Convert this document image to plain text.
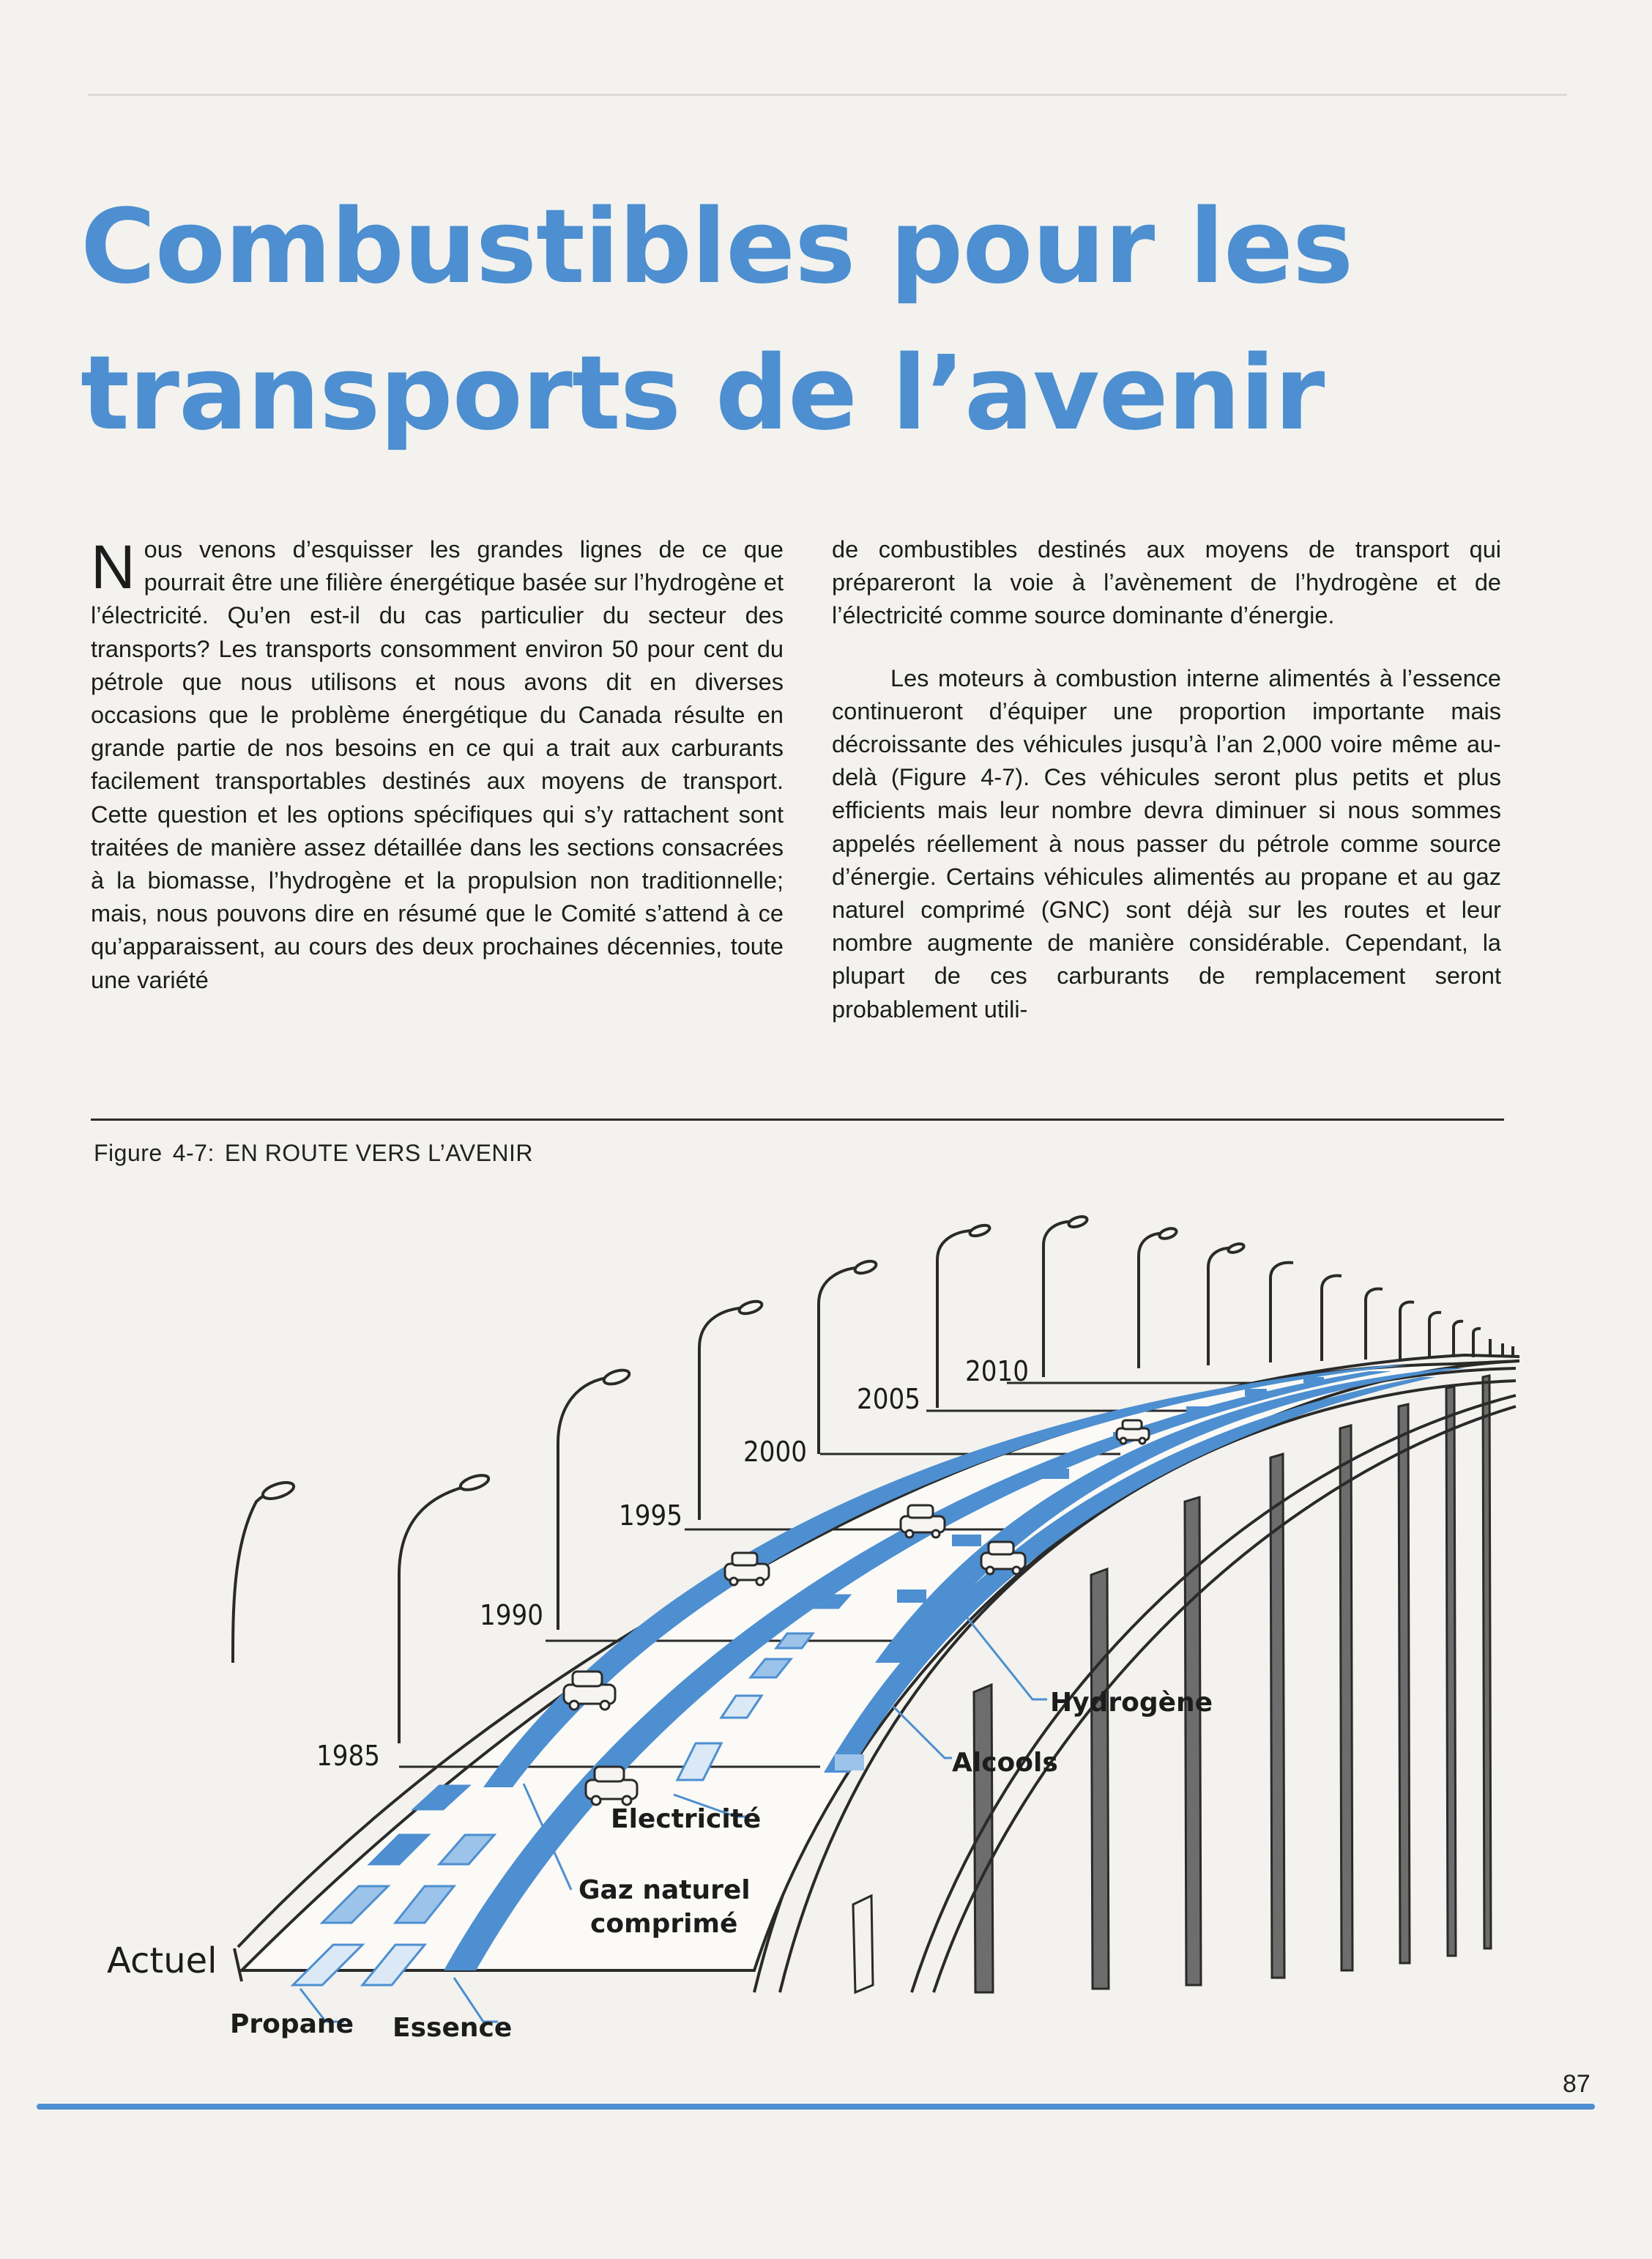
Combustibles pour les
transports de l’avenir
Nous venons d’esquisser les grandes lignes de ce que pourrait être une filière énergétique basée sur l’hydrogène et l’électricité. Qu’en est-il du cas particulier du secteur des transports? Les transports consomment environ 50 pour cent du pétrole que nous utilisons et nous avons dit en diverses occasions que le problème énergétique du Canada résulte en grande partie de nos besoins en ce qui a trait aux carburants facilement transportables destinés aux moyens de transport. Cette question et les options spécifiques qui s’y rattachent sont traitées de manière assez détaillée dans les sections consacrées à la biomasse, l’hydrogène et la propulsion non traditionnelle; mais, nous pouvons dire en résumé que le Comité s’attend à ce qu’apparaissent, au cours des deux prochaines décennies, toute une variété

de combustibles destinés aux moyens de transport qui prépareront la voie à l’avènement de l’hydrogène et de l’électricité comme source dominante d’énergie.

Les moteurs à combustion interne alimentés à l’essence continueront d’équiper une proportion importante mais décroissante des véhicules jusqu’à l’an 2,000 voire même au-delà (Figure 4-7). Ces véhicules seront plus petits et plus efficients mais leur nombre devra diminuer si nous sommes appelés réellement à nous passer du pétrole comme source d’énergie. Certains véhicules alimentés au propane et au gaz naturel comprimé (GNC) sont déjà sur les routes et leur nombre augmente de manière considérable. Cependant, la plupart de ces carburants de remplacement seront probablement utili-

Figure 4-7: EN ROUTE VERS L’AVENIR
1985
1990
1995
2000
2005
2010
Actuel
Propane Essence
Gaz naturel
comprimé
Electricité
Alcools
Hydrogène
87
